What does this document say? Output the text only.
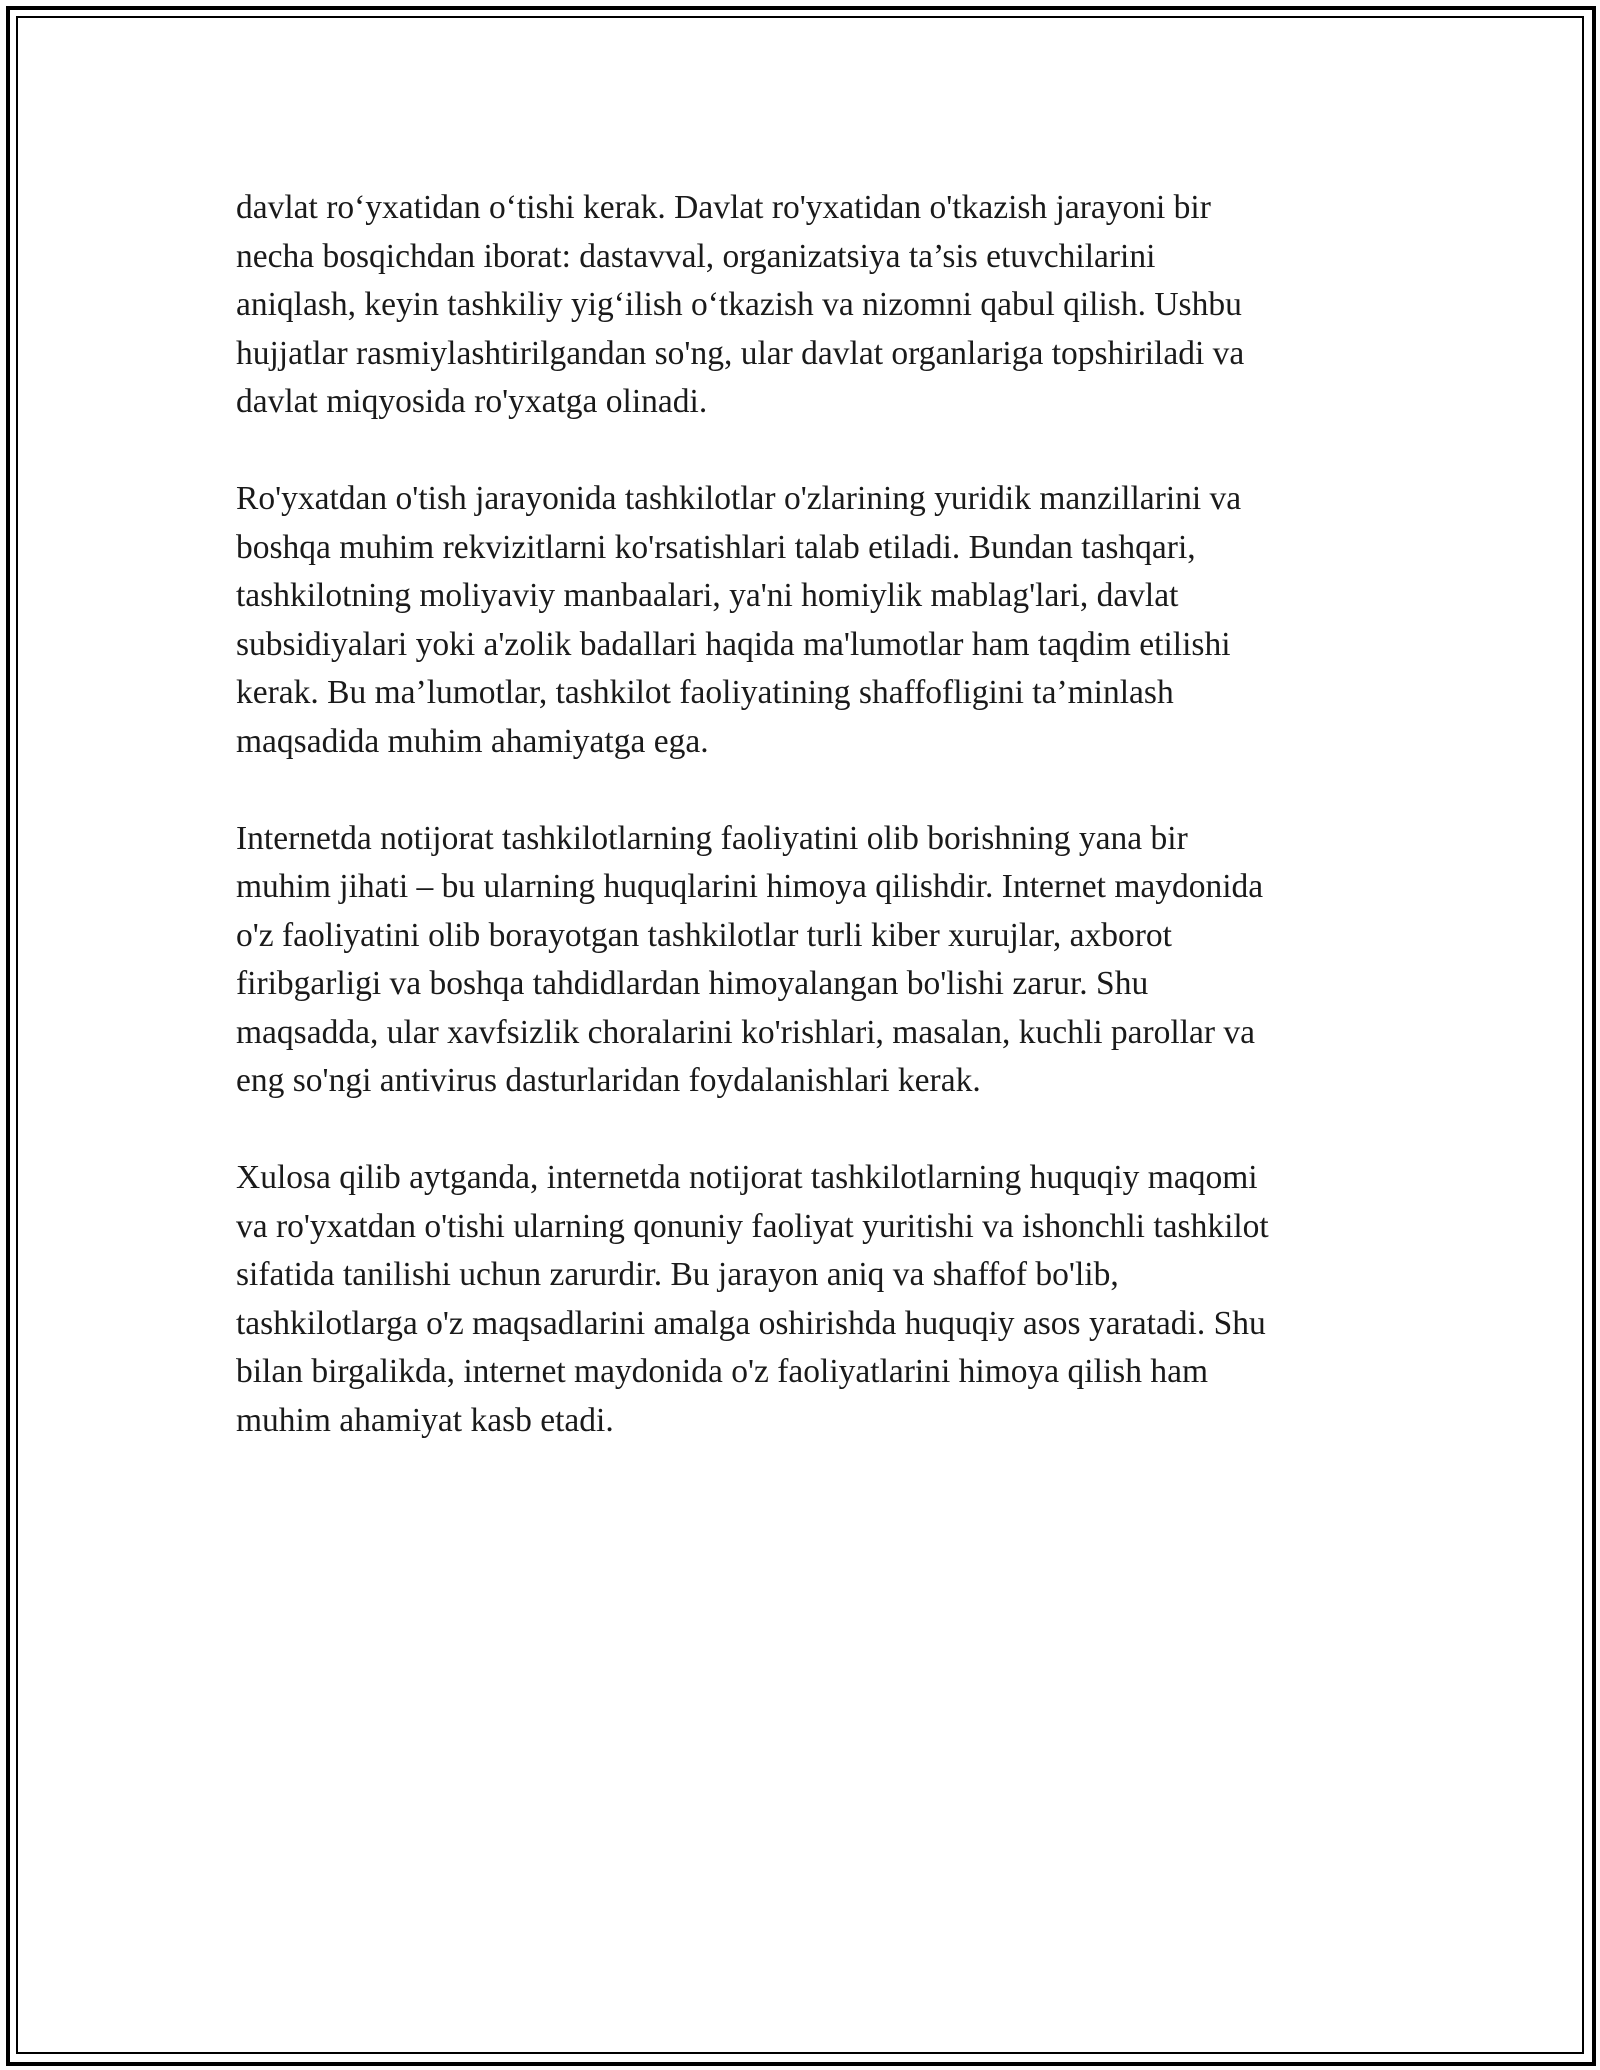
davlat ro‘yxatidan o‘tishi kerak. Davlat ro'yxatidan o'tkazish jarayoni bir
necha bosqichdan iborat: dastavval, organizatsiya ta’sis etuvchilarini
aniqlash, keyin tashkiliy yig‘ilish o‘tkazish va nizomni qabul qilish. Ushbu
hujjatlar rasmiylashtirilgandan so'ng, ular davlat organlariga topshiriladi va
davlat miqyosida ro'yxatga olinadi.

Ro'yxatdan o'tish jarayonida tashkilotlar o'zlarining yuridik manzillarini va
boshqa muhim rekvizitlarni ko'rsatishlari talab etiladi. Bundan tashqari,
tashkilotning moliyaviy manbaalari, ya'ni homiylik mablag'lari, davlat
subsidiyalari yoki a'zolik badallari haqida ma'lumotlar ham taqdim etilishi
kerak. Bu ma’lumotlar, tashkilot faoliyatining shaffofligini ta’minlash
maqsadida muhim ahamiyatga ega.

Internetda notijorat tashkilotlarning faoliyatini olib borishning yana bir
muhim jihati – bu ularning huquqlarini himoya qilishdir. Internet maydonida
o'z faoliyatini olib borayotgan tashkilotlar turli kiber xurujlar, axborot
firibgarligi va boshqa tahdidlardan himoyalangan bo'lishi zarur. Shu
maqsadda, ular xavfsizlik choralarini ko'rishlari, masalan, kuchli parollar va
eng so'ngi antivirus dasturlaridan foydalanishlari kerak.

Xulosa qilib aytganda, internetda notijorat tashkilotlarning huquqiy maqomi
va ro'yxatdan o'tishi ularning qonuniy faoliyat yuritishi va ishonchli tashkilot
sifatida tanilishi uchun zarurdir. Bu jarayon aniq va shaffof bo'lib,
tashkilotlarga o'z maqsadlarini amalga oshirishda huquqiy asos yaratadi. Shu
bilan birgalikda, internet maydonida o'z faoliyatlarini himoya qilish ham
muhim ahamiyat kasb etadi.
